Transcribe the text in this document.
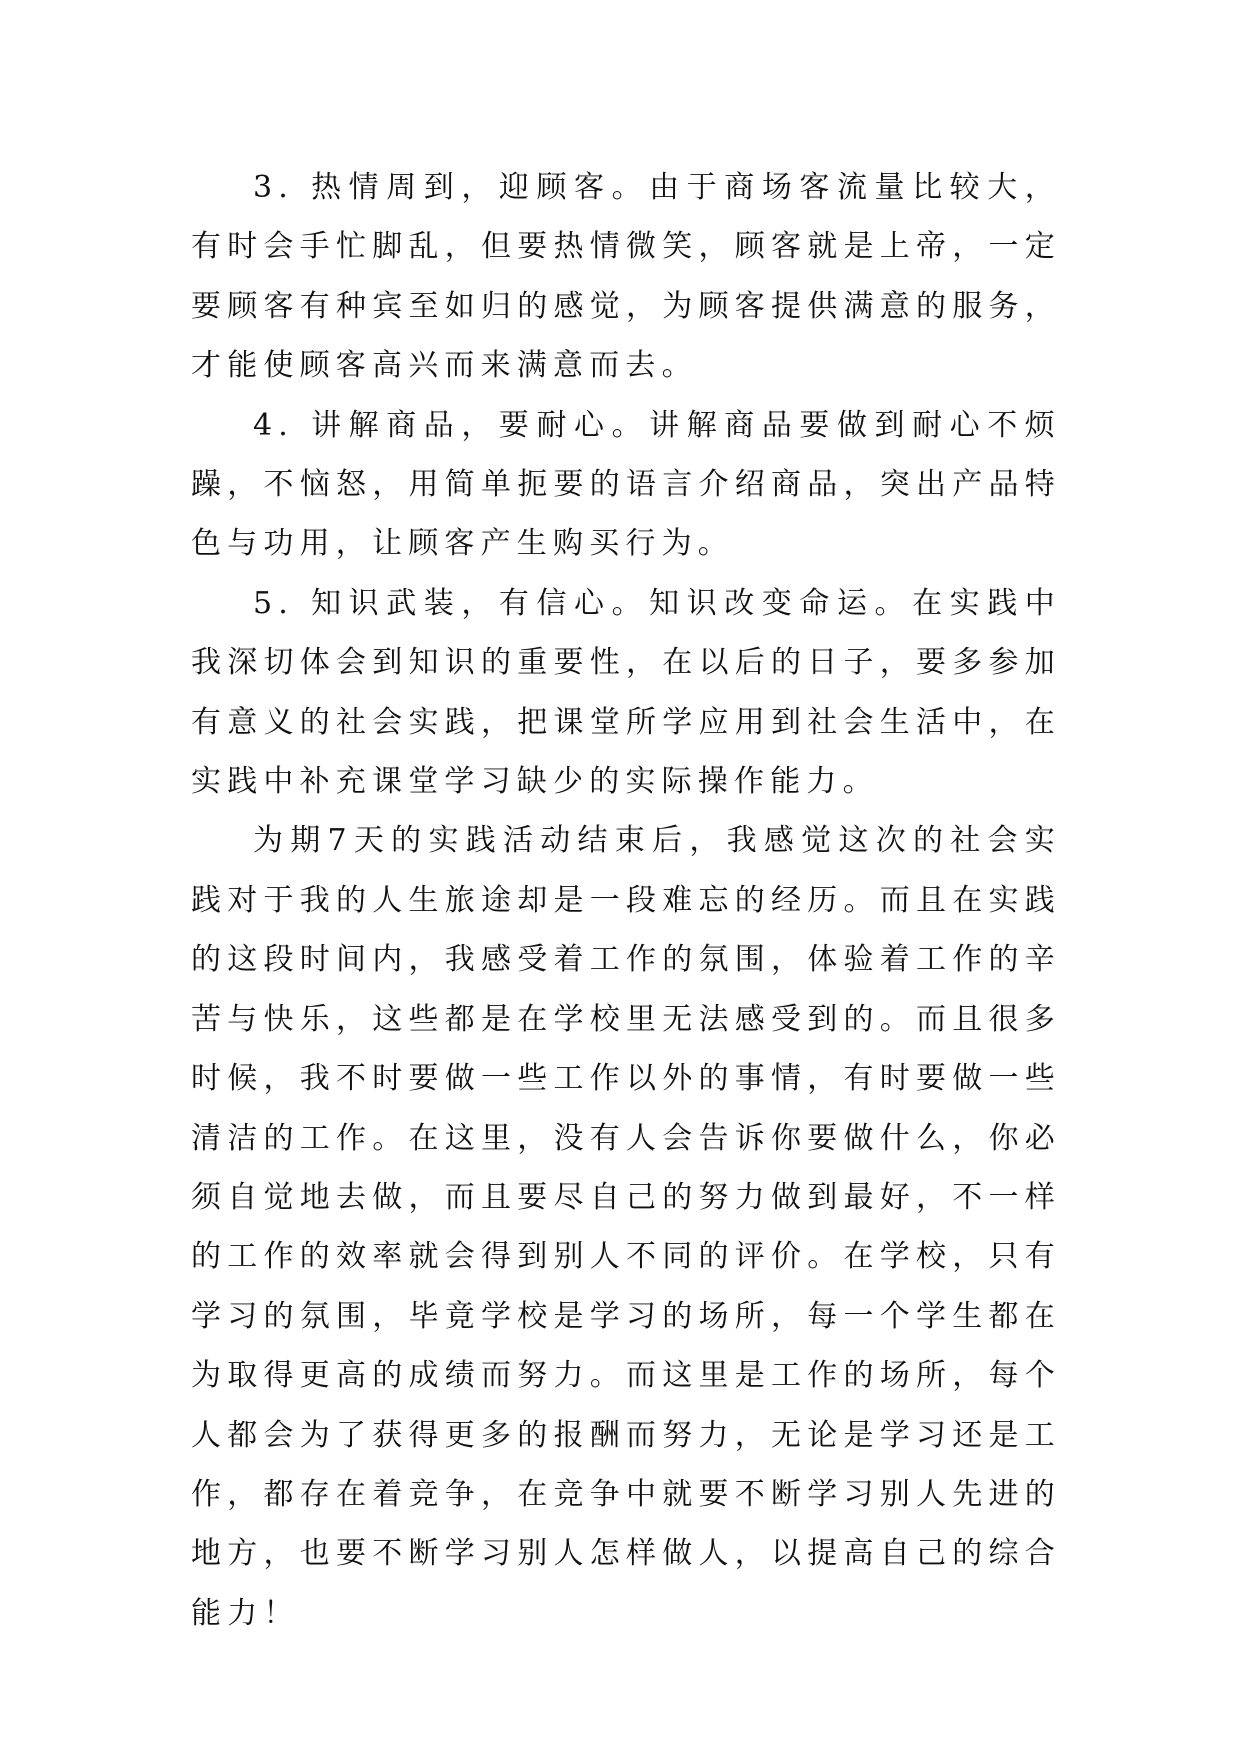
3. 热情周到，迎顾客。由于商场客流量比较大，有时会手忙脚乱，但要热情微笑，顾客就是上帝，一定要顾客有种宾至如归的感觉，为顾客提供满意的服务，才能使顾客高兴而来满意而去。

4. 讲解商品，要耐心。讲解商品要做到耐心不烦躁，不恼怒，用简单扼要的语言介绍商品，突出产品特色与功用，让顾客产生购买行为。

5. 知识武装，有信心。知识改变命运。在实践中我深切体会到知识的重要性，在以后的日子，要多参加有意义的社会实践，把课堂所学应用到社会生活中，在实践中补充课堂学习缺少的实际操作能力。

为期7天的实践活动结束后，我感觉这次的社会实践对于我的人生旅途却是一段难忘的经历。而且在实践的这段时间内，我感受着工作的氛围，体验着工作的辛苦与快乐，这些都是在学校里无法感受到的。而且很多时候，我不时要做一些工作以外的事情，有时要做一些清洁的工作。在这里，没有人会告诉你要做什么，你必须自觉地去做，而且要尽自己的努力做到最好，不一样的工作的效率就会得到别人不同的评价。在学校，只有学习的氛围，毕竟学校是学习的场所，每一个学生都在为取得更高的成绩而努力。而这里是工作的场所，每个人都会为了获得更多的报酬而努力，无论是学习还是工作，都存在着竞争，在竞争中就要不断学习别人先进的地方，也要不断学习别人怎样做人，以提高自己的综合能力！
